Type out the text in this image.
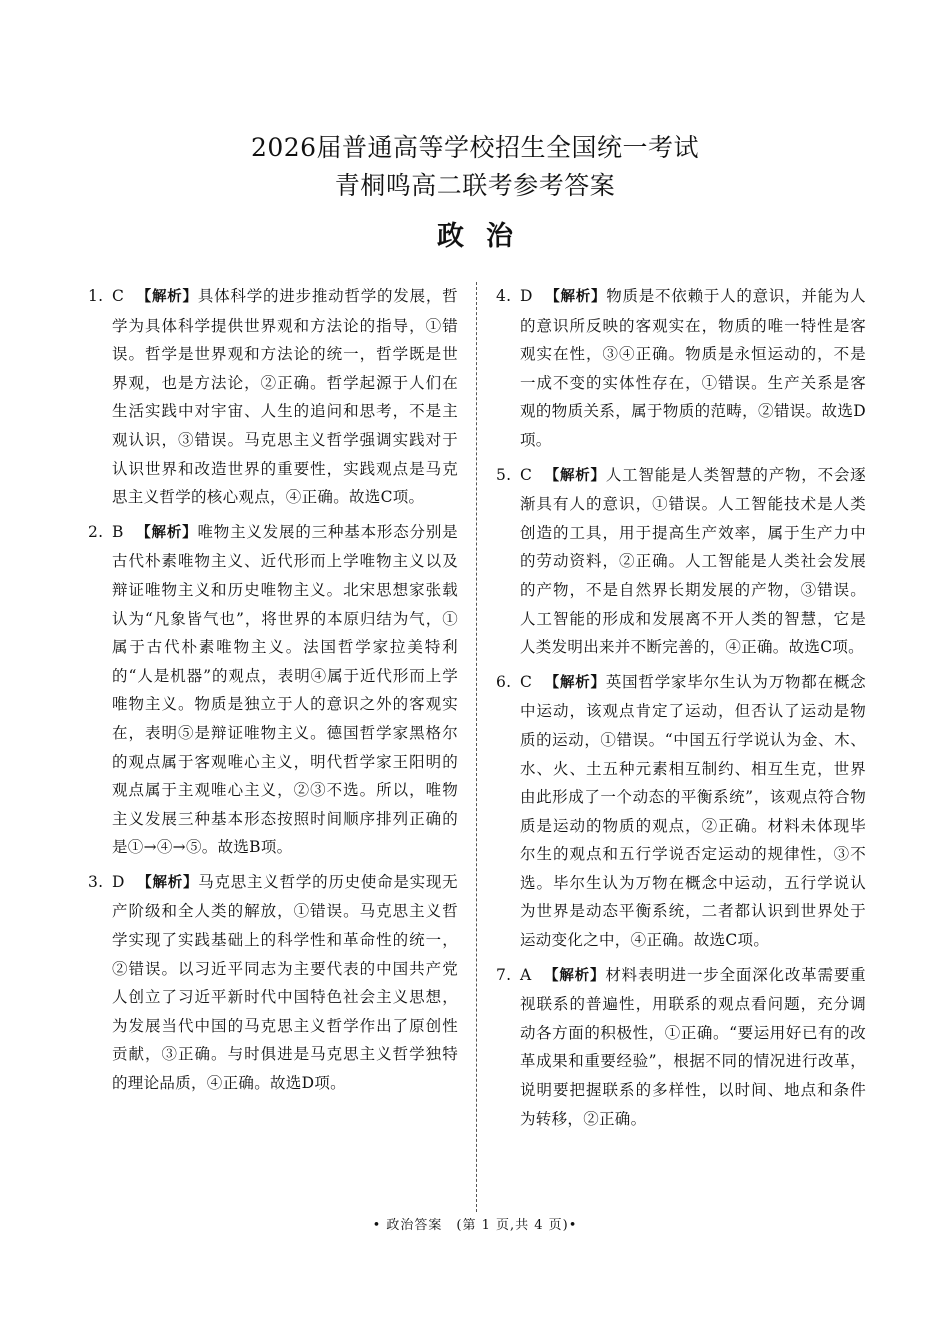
2026届普通高等学校招生全国统一考试
青桐鸣高二联考参考答案
政治
1. C 【解析】具体科学的进步推动哲学的发展，哲学为具体科学提供世界观和方法论的指导，①错误。哲学是世界观和方法论的统一，哲学既是世界观，也是方法论，②正确。哲学起源于人们在生活实践中对宇宙、人生的追问和思考，不是主观认识，③错误。马克思主义哲学强调实践对于认识世界和改造世界的重要性，实践观点是马克思主义哲学的核心观点，④正确。故选C项。
2. B 【解析】唯物主义发展的三种基本形态分别是古代朴素唯物主义、近代形而上学唯物主义以及辩证唯物主义和历史唯物主义。北宋思想家张载认为“凡象皆气也”，将世界的本原归结为气，①属于古代朴素唯物主义。法国哲学家拉美特利的“人是机器”的观点，表明④属于近代形而上学唯物主义。物质是独立于人的意识之外的客观实在，表明⑤是辩证唯物主义。德国哲学家黑格尔的观点属于客观唯心主义，明代哲学家王阳明的观点属于主观唯心主义，②③不选。所以，唯物主义发展三种基本形态按照时间顺序排列正确的是①→④→⑤。故选B项。
3. D 【解析】马克思主义哲学的历史使命是实现无产阶级和全人类的解放，①错误。马克思主义哲学实现了实践基础上的科学性和革命性的统一，②错误。以习近平同志为主要代表的中国共产党人创立了习近平新时代中国特色社会主义思想，为发展当代中国的马克思主义哲学作出了原创性贡献，③正确。与时俱进是马克思主义哲学独特的理论品质，④正确。故选D项。
4. D 【解析】物质是不依赖于人的意识，并能为人的意识所反映的客观实在，物质的唯一特性是客观实在性，③④正确。物质是永恒运动的，不是一成不变的实体性存在，①错误。生产关系是客观的物质关系，属于物质的范畴，②错误。故选D项。
5. C 【解析】人工智能是人类智慧的产物，不会逐渐具有人的意识，①错误。人工智能技术是人类创造的工具，用于提高生产效率，属于生产力中的劳动资料，②正确。人工智能是人类社会发展的产物，不是自然界长期发展的产物，③错误。人工智能的形成和发展离不开人类的智慧，它是人类发明出来并不断完善的，④正确。故选C项。
6. C 【解析】英国哲学家毕尔生认为万物都在概念中运动，该观点肯定了运动，但否认了运动是物质的运动，①错误。“中国五行学说认为金、木、水、火、土五种元素相互制约、相互生克，世界由此形成了一个动态的平衡系统”，该观点符合物质是运动的物质的观点，②正确。材料未体现毕尔生的观点和五行学说否定运动的规律性，③不选。毕尔生认为万物在概念中运动，五行学说认为世界是动态平衡系统，二者都认识到世界处于运动变化之中，④正确。故选C项。
7. A 【解析】材料表明进一步全面深化改革需要重视联系的普遍性，用联系的观点看问题，充分调动各方面的积极性，①正确。“要运用好已有的改革成果和重要经验”，根据不同的情况进行改革，说明要把握联系的多样性，以时间、地点和条件为转移，②正确。
• 政治答案　(第 1 页,共 4 页)•
